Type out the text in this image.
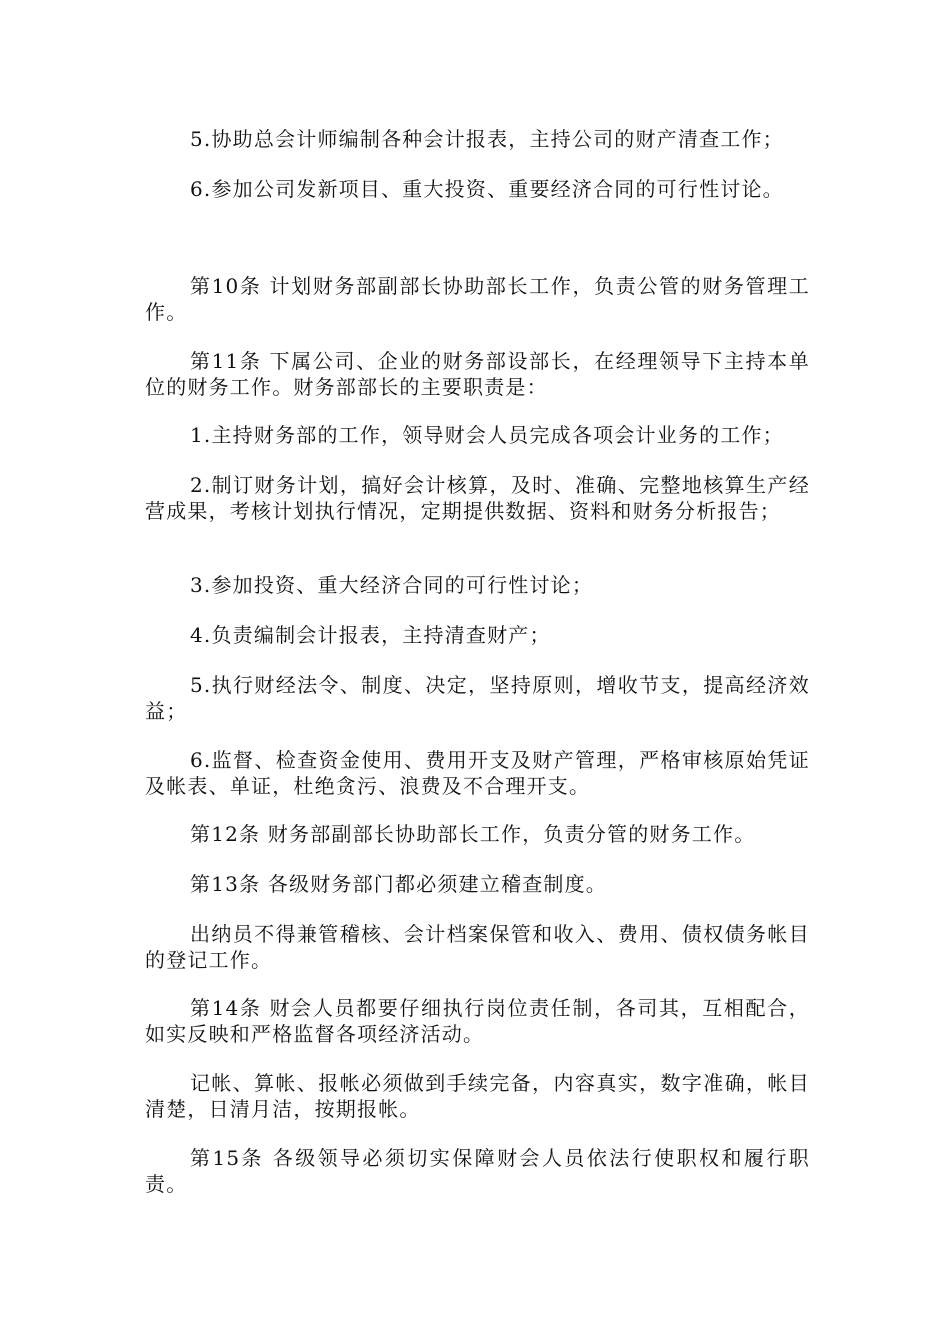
5.协助总会计师编制各种会计报表，主持公司的财产清查工作；

6.参加公司发新项目、重大投资、重要经济合同的可行性讨论。

第10条 计划财务部副部长协助部长工作，负责公管的财务管理工作。

第11条 下属公司、企业的财务部设部长，在经理领导下主持本单位的财务工作。财务部部长的主要职责是：

1.主持财务部的工作，领导财会人员完成各项会计业务的工作；

2.制订财务计划，搞好会计核算，及时、准确、完整地核算生产经营成果，考核计划执行情况，定期提供数据、资料和财务分析报告；

3.参加投资、重大经济合同的可行性讨论；

4.负责编制会计报表，主持清查财产；

5.执行财经法令、制度、决定，坚持原则，增收节支，提高经济效益；

6.监督、检查资金使用、费用开支及财产管理，严格审核原始凭证及帐表、单证，杜绝贪污、浪费及不合理开支。

第12条 财务部副部长协助部长工作，负责分管的财务工作。

第13条 各级财务部门都必须建立稽查制度。

出纳员不得兼管稽核、会计档案保管和收入、费用、债权债务帐目的登记工作。

第14条 财会人员都要仔细执行岗位责任制，各司其，互相配合，如实反映和严格监督各项经济活动。

记帐、算帐、报帐必须做到手续完备，内容真实，数字准确，帐目清楚，日清月洁，按期报帐。

第15条 各级领导必须切实保障财会人员依法行使职权和履行职责。
